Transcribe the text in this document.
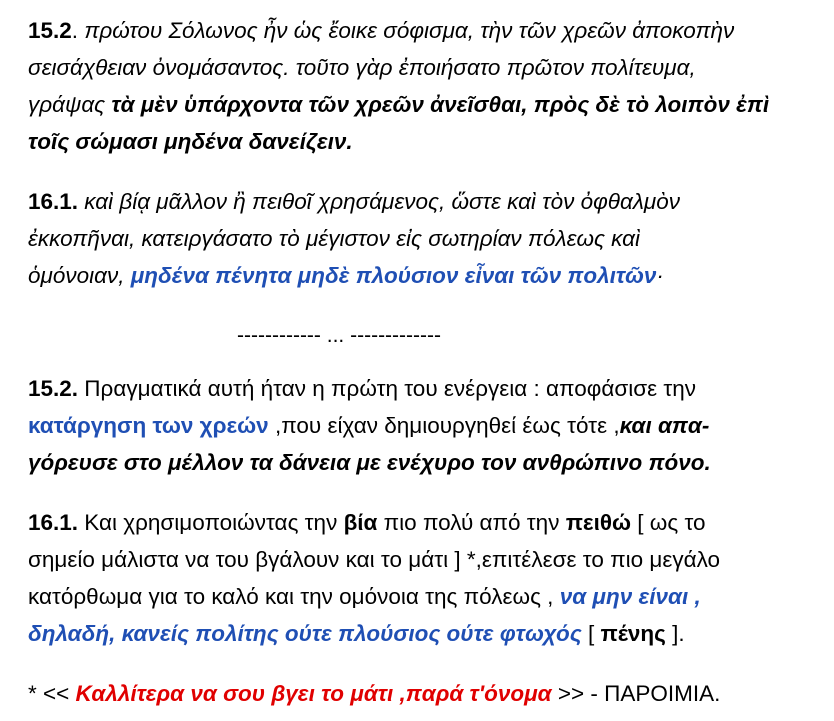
15.2. πρώτου Σόλωνος ἦν ὡς ἔοικε σόφισμα, τὴν τῶν χρεῶν ἀποκοπὴν
σεισάχθειαν ὀνομάσαντος. τοῦτο γὰρ ἐποιήσατο πρῶτον πολίτευμα,
γράψας τὰ μὲν ὑπάρχοντα τῶν χρεῶν ἀνεῖσθαι, πρὸς δὲ τὸ λοιπὸν ἐπὶ
τοῖς σώμασι μηδένα δανείζειν.
16.1. καὶ βίᾳ μᾶλλον ἢ πειθοῖ χρησάμενος, ὥστε καὶ τὸν ὀφθαλμὸν
ἐκκοπῆναι, κατειργάσατο τὸ μέγιστον εἰς σωτηρίαν πόλεως καὶ
ὁμόνοιαν, μηδένα πένητα μηδὲ πλούσιον εἶναι τῶν πολιτῶν·
------------ ... -------------
15.2. Πραγματικά αυτή ήταν η πρώτη του ενέργεια : αποφάσισε την
κατάργηση των χρεών ,που είχαν δημιουργηθεί έως τότε ,και απα-
γόρευσε στο μέλλον τα δάνεια με ενέχυρο τον ανθρώπινο πόνο.
16.1. Και χρησιμοποιώντας την βία πιο πολύ από την πειθώ [ ως το
σημείο μάλιστα να του βγάλουν και το μάτι ] *,επιτέλεσε το πιο μεγάλο
κατόρθωμα για το καλό και την ομόνοια της πόλεως , να μην είναι ,
δηλαδή, κανείς πολίτης ούτε πλούσιος ούτε φτωχός [ πένης ].
* << Καλλίτερα να σου βγει το μάτι ,παρά τ'όνομα >> - ΠΑΡΟΙΜΙΑ.
